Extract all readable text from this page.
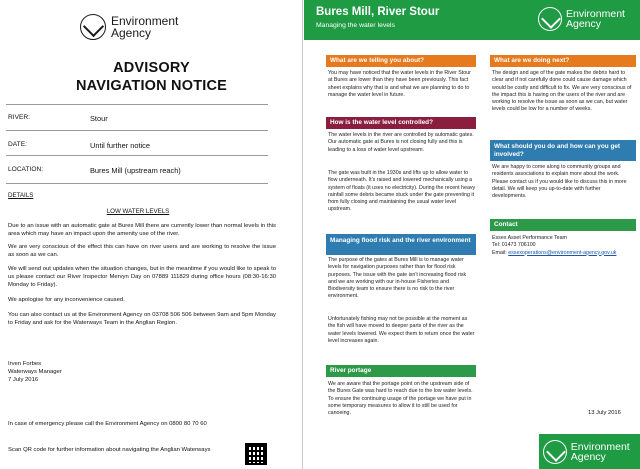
Environment Agency
ADVISORY
NAVIGATION NOTICE
RIVER:	Stour
DATE:	Until further notice
LOCATION:	Bures Mill (upstream reach)
DETAILS
LOW WATER LEVELS

Due to an issue with an automatic gate at Bures Mill there are currently lower than normal levels in this area which may have an impact upon the amenity use of the river.

We are very conscious of the effect this can have on river users and are working to resolve the issue as soon as we can.

We will send out updates when the situation changes, but in the meantime if you would like to speak to us please contact our River Inspector Mervyn Day on 07889 111829 during office hours (08:30-16:30 Monday to Friday).

We apologise for any inconvenience caused.

You can also contact us at the Environment Agency on 03708 506 506 between 9am and 5pm Monday to Friday and ask for the Waterways Team in the Anglian Region.

Irven Forbes
Waterways Manager
7 July 2016
In case of emergency please call the Environment Agency on 0800 80 70 60
Scan QR code for further information about navigating the Anglian Waterways
Bures Mill, River Stour
Managing the water levels
Environment Agency
What are we telling you about?

You may have noticed that the water levels in the River Stour at Bures are lower than they have been previously. This fact sheet explains why that is and what we are planning to do to manage the water level in future.

How is the water level controlled?

The water levels in the river are controlled by automatic gates. Our automatic gate at Bures is not closing fully and this is leading to a loss of water level upstream.

The gate was built in the 1930s and lifts up to allow water to flow underneath. It's raised and lowered mechanically using a system of floats (it uses no electricity). During the recent heavy rainfall some debris became stuck under the gate preventing it from fully closing and maintaining the usual water level upstream.

Managing flood risk and the river environment

The purpose of the gates at Bures Mill is to manage water levels for navigation purposes rather than for flood risk purposes. The issue with the gate isn't increasing flood risk and we are working with our in-house Fisheries and Biodiversity team to ensure there is no risk to the river environment.

Unfortunately fishing may not be possible at the moment as the fish will have moved to deeper parts of the river as the water levels lowered. We expect them to return once the water level increases again.

River portage

We are aware that the portage point on the upstream side of the Bures Gate was hard to reach due to the low water levels. To ensure the continuing usage of the portage we have put in some temporary measures to allow it to still be used for canoeing.

What are we doing next?

The design and age of the gate makes the debris hard to clear and if not carefully done could cause damage which would be costly and difficult to fix. We are very conscious of the impact this is having on the users of the river and are working to resolve the issue as soon as we can, but water levels could be low for a number of weeks.

What should you do and how can you get involved?

We are happy to come along to community groups and residents associations to explain more about the work. Please contact us if you would like to discuss this in more detail. We will keep you up-to-date with further developments.

Contact
Essex Asset Performance Team
Tel: 01473 706100
Email: essexoperations@environment-agency.gov.uk
13 July 2016
Environment Agency
